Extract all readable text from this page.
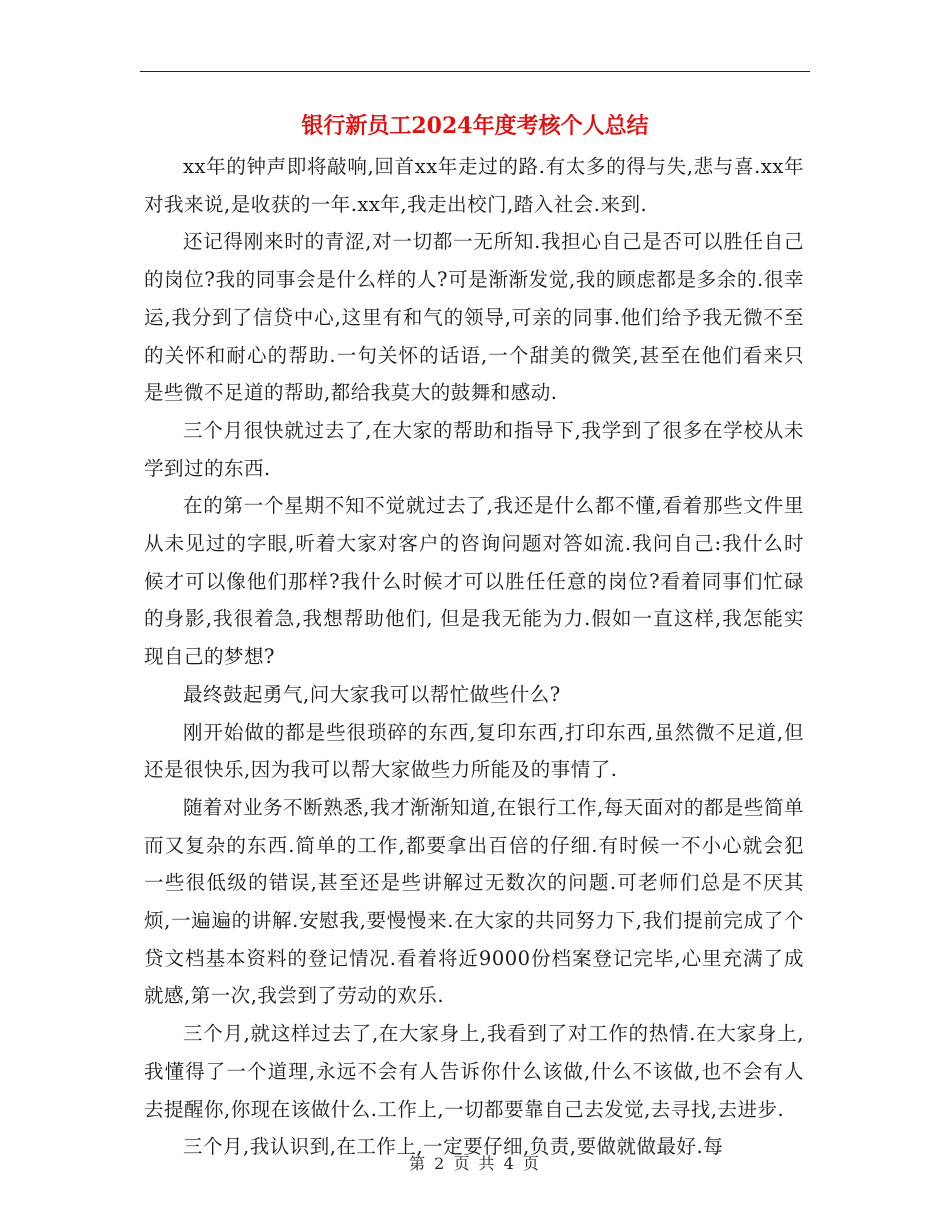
银行新员工2024年度考核个人总结

xx年的钟声即将敲响,回首xx年走过的路.有太多的得与失,悲与喜.xx年对我来说,是收获的一年.xx年,我走出校门,踏入社会.来到.

还记得刚来时的青涩,对一切都一无所知.我担心自己是否可以胜任自己的岗位?我的同事会是什么样的人?可是渐渐发觉,我的顾虑都是多余的.很幸运,我分到了信贷中心,这里有和气的领导,可亲的同事.他们给予我无微不至的关怀和耐心的帮助.一句关怀的话语,一个甜美的微笑,甚至在他们看来只是些微不足道的帮助,都给我莫大的鼓舞和感动.

三个月很快就过去了,在大家的帮助和指导下,我学到了很多在学校从未学到过的东西.

在的第一个星期不知不觉就过去了,我还是什么都不懂,看着那些文件里从未见过的字眼,听着大家对客户的咨询问题对答如流.我问自己:我什么时候才可以像他们那样?我什么时候才可以胜任任意的岗位?看着同事们忙碌的身影,我很着急,我想帮助他们, 但是我无能为力.假如一直这样,我怎能实现自己的梦想?

最终鼓起勇气,问大家我可以帮忙做些什么?

刚开始做的都是些很琐碎的东西,复印东西,打印东西,虽然微不足道,但还是很快乐,因为我可以帮大家做些力所能及的事情了.

随着对业务不断熟悉,我才渐渐知道,在银行工作,每天面对的都是些简单而又复杂的东西.简单的工作,都要拿出百倍的仔细.有时候一不小心就会犯一些很低级的错误,甚至还是些讲解过无数次的问题.可老师们总是不厌其烦,一遍遍的讲解.安慰我,要慢慢来.在大家的共同努力下,我们提前完成了个贷文档基本资料的登记情况.看着将近9000份档案登记完毕,心里充满了成就感,第一次,我尝到了劳动的欢乐.

三个月,就这样过去了,在大家身上,我看到了对工作的热情.在大家身上,我懂得了一个道理,永远不会有人告诉你什么该做,什么不该做,也不会有人去提醒你,你现在该做什么.工作上,一切都要靠自己去发觉,去寻找,去进步.

三个月,我认识到,在工作上,一定要仔细,负责,要做就做最好.每

第 2 页 共 4 页
